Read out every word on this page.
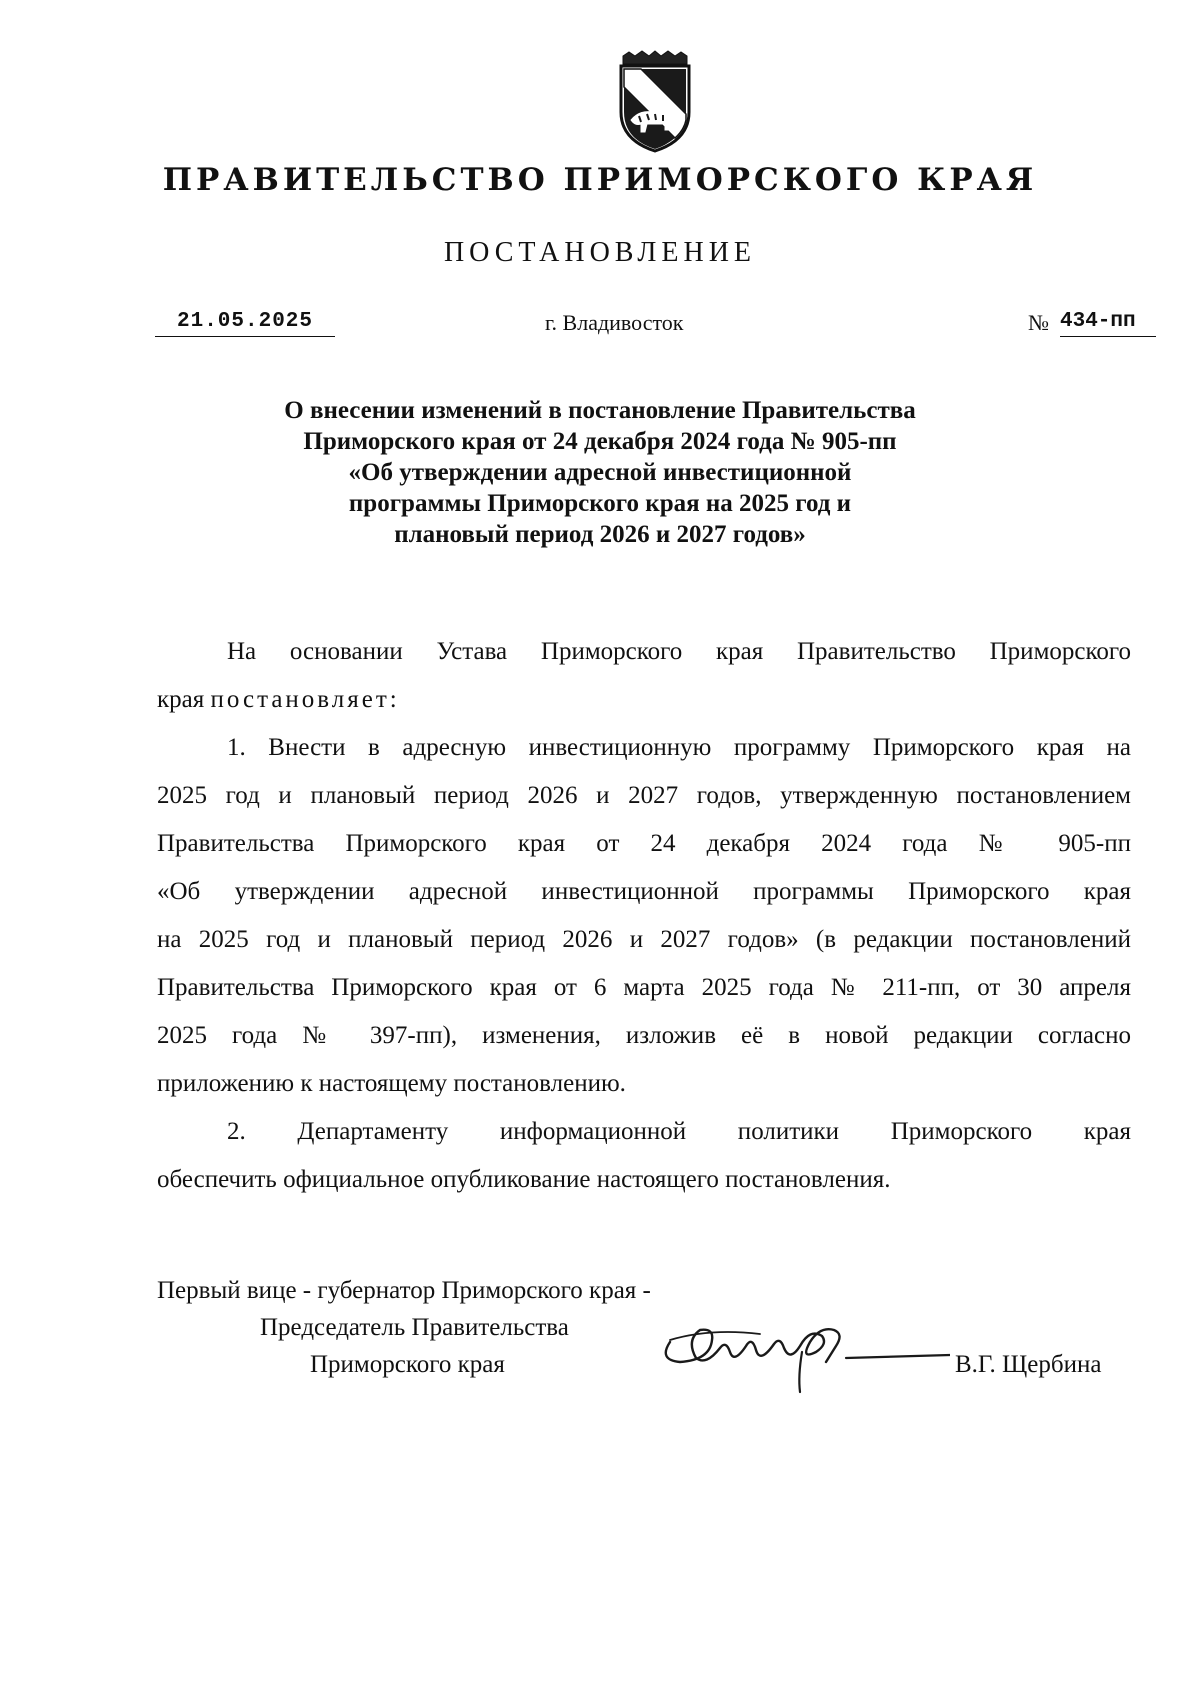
ПРАВИТЕЛЬСТВО ПРИМОРСКОГО КРАЯ
ПОСТАНОВЛЕНИЕ
21.05.2025	г. Владивосток	№ 434-пп
О внесении изменений в постановление Правительства
Приморского края от 24 декабря 2024 года № 905-пп
«Об утверждении адресной инвестиционной
программы Приморского края на 2025 год и
плановый период 2026 и 2027 годов»
На основании Устава Приморского края Правительство Приморского
края постановляет:
1. Внести в адресную инвестиционную программу Приморского края на
2025 год и плановый период 2026 и 2027 годов, утвержденную постановлением
Правительства Приморского края от 24 декабря 2024 года № 905-пп
«Об утверждении адресной инвестиционной программы Приморского края
на 2025 год и плановый период 2026 и 2027 годов» (в редакции постановлений
Правительства Приморского края от 6 марта 2025 года № 211-пп, от 30 апреля
2025 года № 397-пп), изменения, изложив её в новой редакции согласно
приложению к настоящему постановлению.
2. Департаменту информационной политики Приморского края
обеспечить официальное опубликование настоящего постановления.
Первый вице - губернатор Приморского края -
Председатель Правительства
Приморского края	В.Г. Щербина
